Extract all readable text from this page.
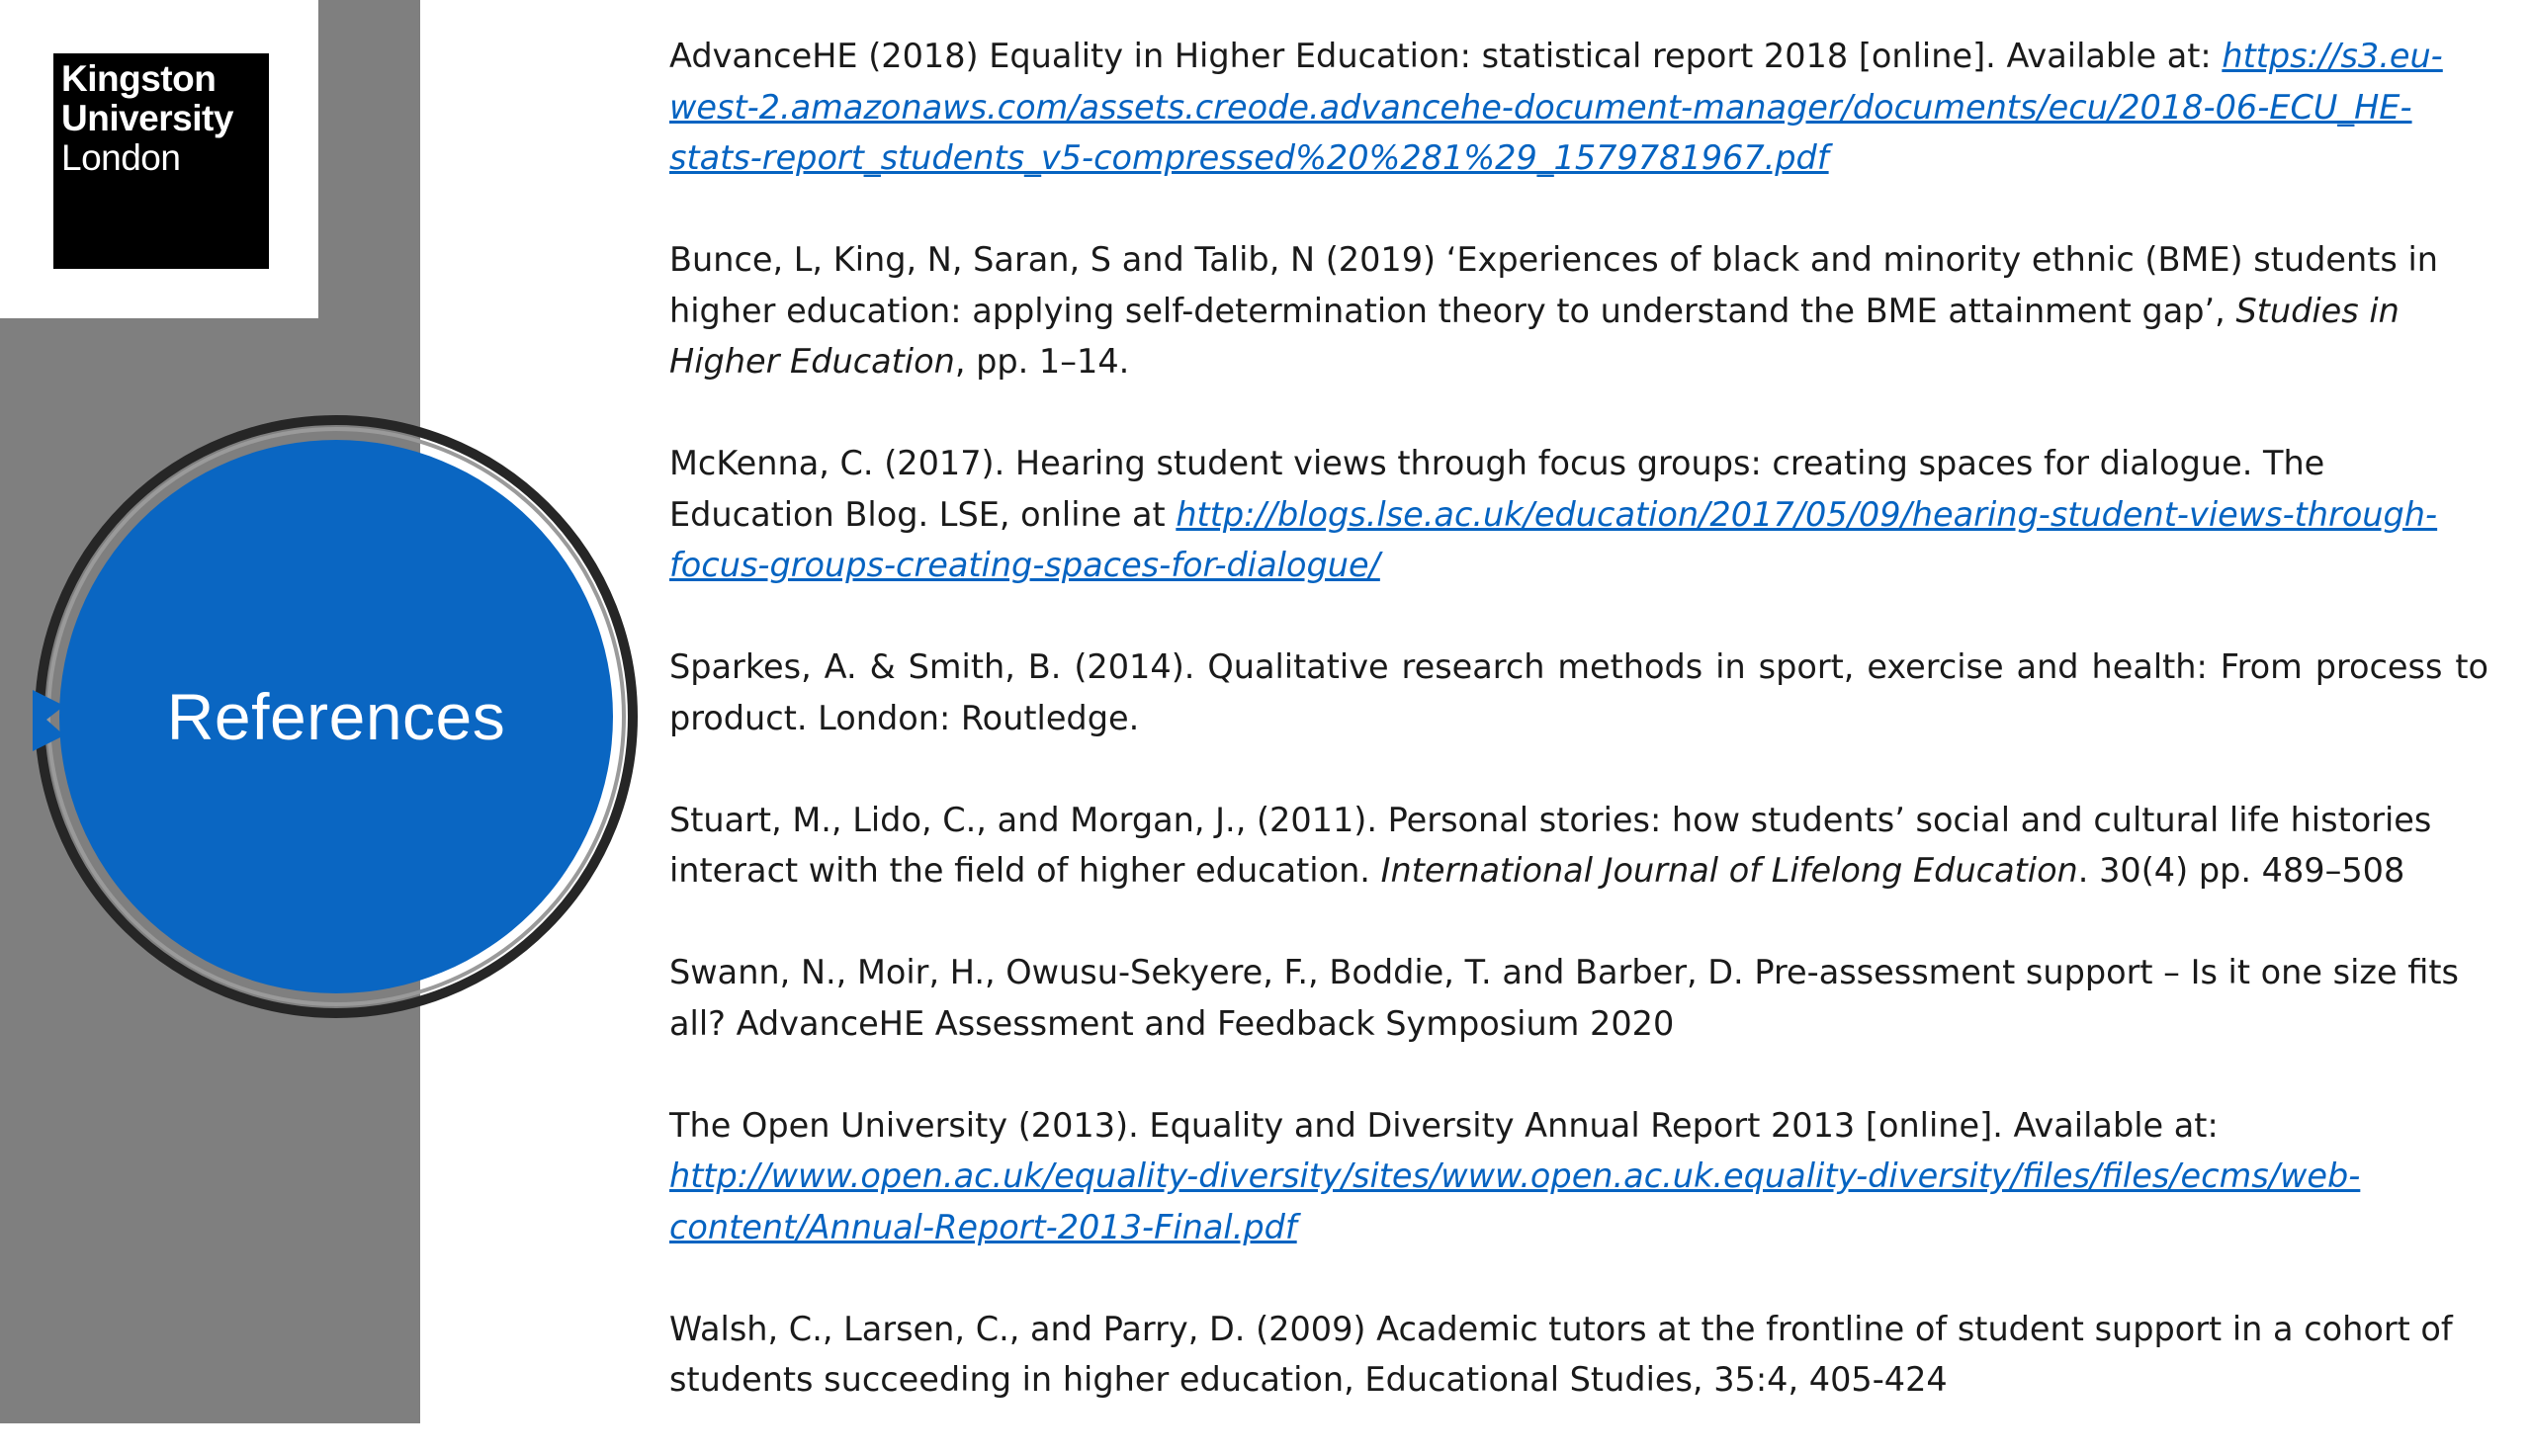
Kingston
University
London
References

AdvanceHE (2018) Equality in Higher Education: statistical report 2018 [online]. Available at: https://s3.eu-west-2.amazonaws.com/assets.creode.advancehe-document-manager/documents/ecu/2018-06-ECU_HE-stats-report_students_v5-compressed%20%281%29_1579781967.pdf

Bunce, L, King, N, Saran, S and Talib, N (2019) ‘Experiences of black and minority ethnic (BME) students in higher education: applying self-determination theory to understand the BME attainment gap’, Studies in Higher Education, pp. 1–14.

McKenna, C. (2017). Hearing student views through focus groups: creating spaces for dialogue. The Education Blog. LSE, online at http://blogs.lse.ac.uk/education/2017/05/09/hearing-student-views-through-focus-groups-creating-spaces-for-dialogue/

Sparkes, A. & Smith, B. (2014). Qualitative research methods in sport, exercise and health: From process to product. London: Routledge.

Stuart, M., Lido, C., and Morgan, J., (2011). Personal stories: how students’ social and cultural life histories interact with the field of higher education. International Journal of Lifelong Education. 30(4) pp. 489–508

Swann, N., Moir, H., Owusu-Sekyere, F., Boddie, T. and Barber, D. Pre-assessment support – Is it one size fits all? AdvanceHE Assessment and Feedback Symposium 2020

The Open University (2013). Equality and Diversity Annual Report 2013 [online]. Available at: http://www.open.ac.uk/equality-diversity/sites/www.open.ac.uk.equality-diversity/files/files/ecms/web-content/Annual-Report-2013-Final.pdf

Walsh, C., Larsen, C., and Parry, D. (2009) Academic tutors at the frontline of student support in a cohort of students succeeding in higher education, Educational Studies, 35:4, 405-424
